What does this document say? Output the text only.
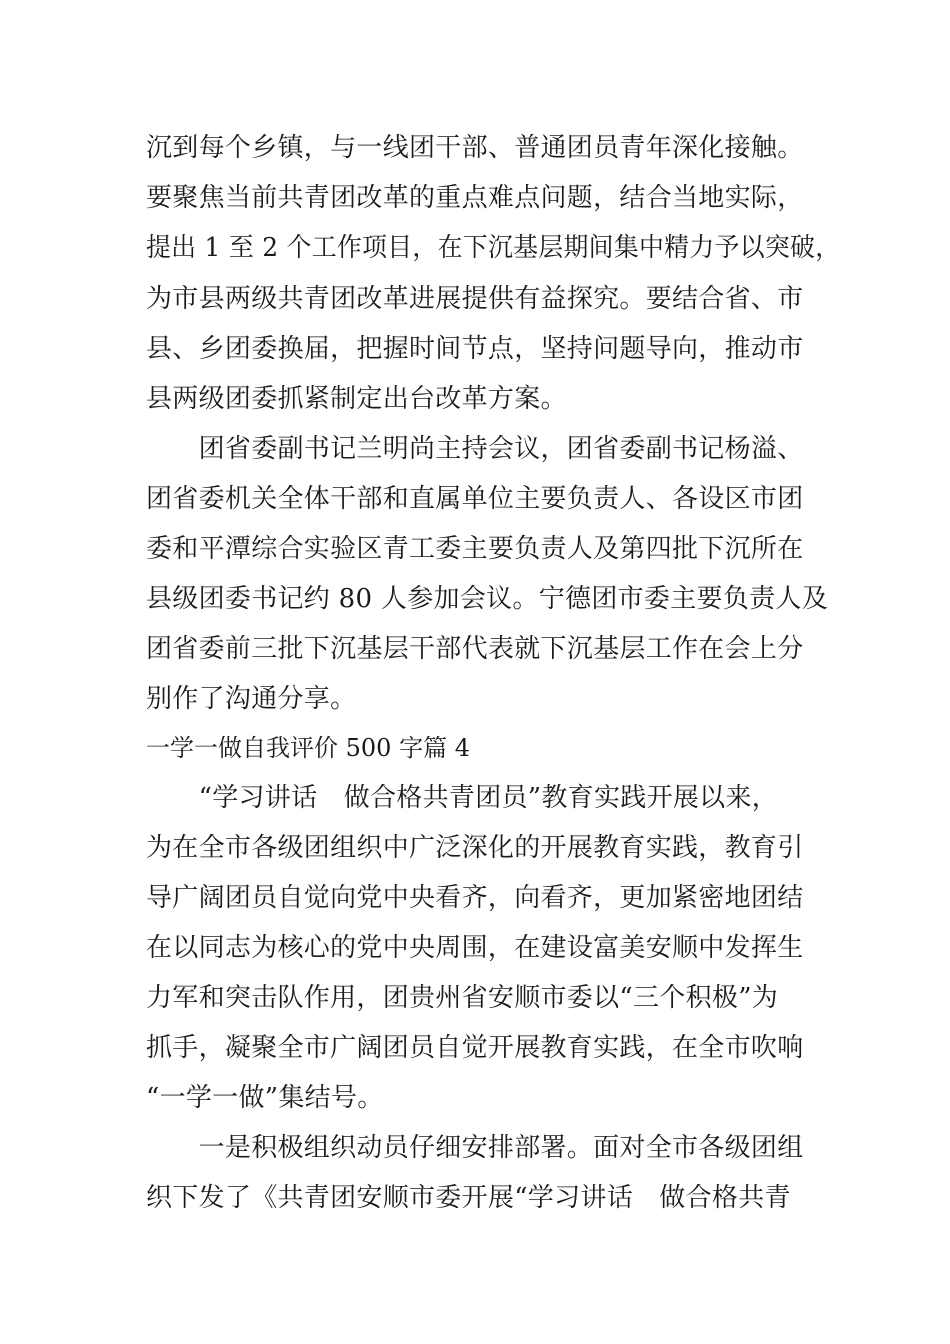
沉到每个乡镇，与一线团干部、普通团员青年深化接触。
要聚焦当前共青团改革的重点难点问题，结合当地实际，
提出 1 至 2 个工作项目，在下沉基层期间集中精力予以突破，
为市县两级共青团改革进展提供有益探究。要结合省、市
县、乡团委换届，把握时间节点，坚持问题导向，推动市
县两级团委抓紧制定出台改革方案。
　　团省委副书记兰明尚主持会议，团省委副书记杨溢、
团省委机关全体干部和直属单位主要负责人、各设区市团
委和平潭综合实验区青工委主要负责人及第四批下沉所在
县级团委书记约 80 人参加会议。宁德团市委主要负责人及
团省委前三批下沉基层干部代表就下沉基层工作在会上分
别作了沟通分享。
一学一做自我评价 500 字篇 4
　　“学习讲话　做合格共青团员”教育实践开展以来，
为在全市各级团组织中广泛深化的开展教育实践，教育引
导广阔团员自觉向党中央看齐，向看齐，更加紧密地团结
在以同志为核心的党中央周围，在建设富美安顺中发挥生
力军和突击队作用，团贵州省安顺市委以“三个积极”为
抓手，凝聚全市广阔团员自觉开展教育实践，在全市吹响
“一学一做”集结号。
　　一是积极组织动员仔细安排部署。面对全市各级团组
织下发了《共青团安顺市委开展“学习讲话　做合格共青
